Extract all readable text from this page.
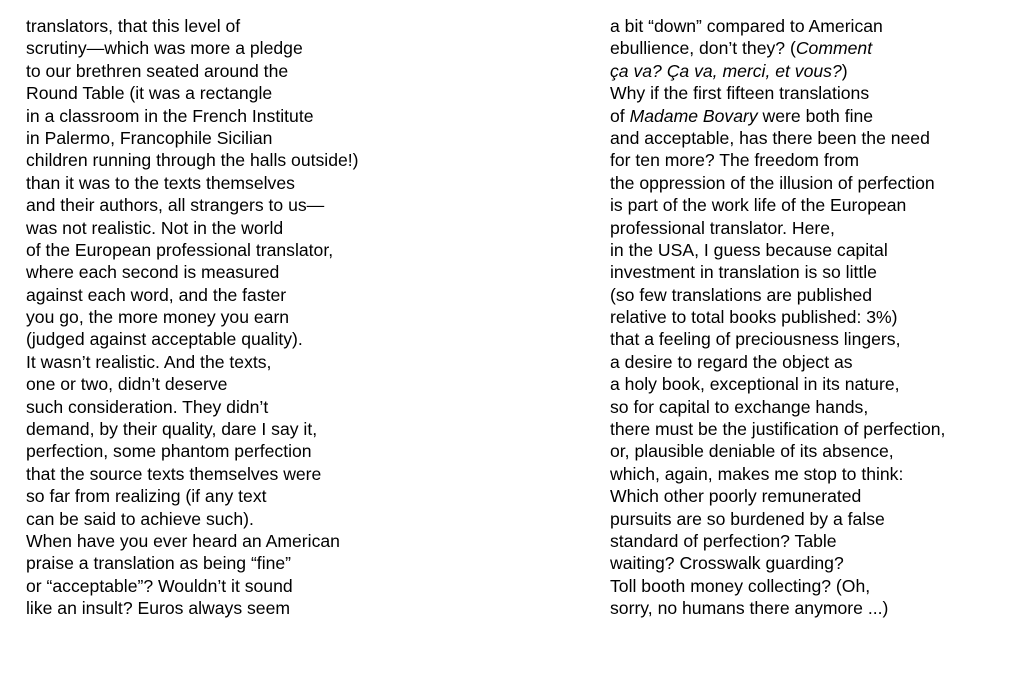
translators, that this level of
scrutiny—which was more a pledge
to our brethren seated around the
Round Table (it was a rectangle
in a classroom in the French Institute
in Palermo, Francophile Sicilian
children running through the halls outside!)
than it was to the texts themselves
and their authors, all strangers to us—
was not realistic. Not in the world
of the European professional translator,
where each second is measured
against each word, and the faster
you go, the more money you earn
(judged against acceptable quality).
It wasn’t realistic. And the texts,
one or two, didn’t deserve
such consideration. They didn’t
demand, by their quality, dare I say it,
perfection, some phantom perfection
that the source texts themselves were
so far from realizing (if any text
can be said to achieve such).
When have you ever heard an American
praise a translation as being “fine”
or “acceptable”? Wouldn’t it sound
like an insult? Euros always seem
a bit “down” compared to American
ebullience, don’t they? (Comment
ça va? Ça va, merci, et vous?)
Why if the first fifteen translations
of Madame Bovary were both fine
and acceptable, has there been the need
for ten more? The freedom from
the oppression of the illusion of perfection
is part of the work life of the European
professional translator. Here,
in the USA, I guess because capital
investment in translation is so little
(so few translations are published
relative to total books published: 3%)
that a feeling of preciousness lingers,
a desire to regard the object as
a holy book, exceptional in its nature,
so for capital to exchange hands,
there must be the justification of perfection,
or, plausible deniable of its absence,
which, again, makes me stop to think:
Which other poorly remunerated
pursuits are so burdened by a false
standard of perfection? Table
waiting? Crosswalk guarding?
Toll booth money collecting? (Oh,
sorry, no humans there anymore ...)
